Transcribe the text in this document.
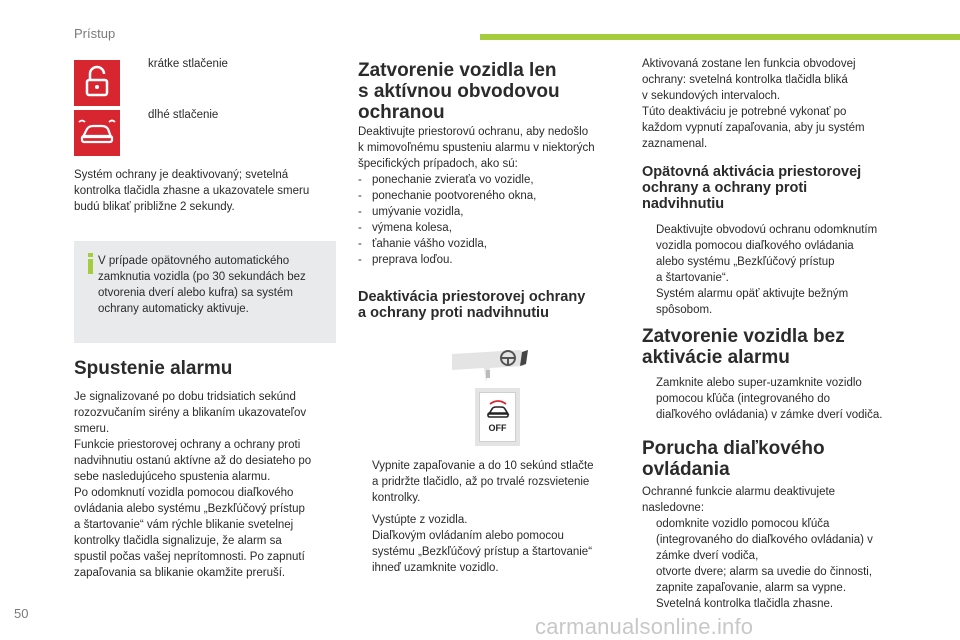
Prístup
krátke stlačenie
dlhé stlačenie
Systém ochrany je deaktivovaný; svetelná
kontrolka tlačidla zhasne a ukazovatele smeru
budú blikať približne 2 sekundy.
V prípade opätovného automatického
zamknutia vozidla (po 30 sekundách bez
otvorenia dverí alebo kufra) sa systém
ochrany automaticky aktivuje.
Spustenie alarmu
Je signalizované po dobu tridsiatich sekúnd
rozozvučaním sirény a blikaním ukazovateľov
smeru.
Funkcie priestorovej ochrany a ochrany proti
nadvihnutiu ostanú aktívne až do desiateho po
sebe nasledujúceho spustenia alarmu.
Po odomknutí vozidla pomocou diaľkového
ovládania alebo systému „Bezkľúčový prístup
a štartovanie“ vám rýchle blikanie svetelnej
kontrolky tlačidla signalizuje, že alarm sa
spustil počas vašej neprítomnosti. Po zapnutí
zapaľovania sa blikanie okamžite preruší.
Zatvorenie vozidla len
s aktívnou obvodovou
ochranou
Deaktivujte priestorovú ochranu, aby nedošlo
k mimovoľnému spusteniu alarmu v niektorých
špecifických prípadoch, ako sú:
- ponechanie zvieraťa vo vozidle,
- ponechanie pootvoreného okna,
- umývanie vozidla,
- výmena kolesa,
- ťahanie vášho vozidla,
- preprava loďou.
Deaktivácia priestorovej ochrany
a ochrany proti nadvihnutiu
OFF
Vypnite zapaľovanie a do 10 sekúnd stlačte
a pridržte tlačidlo, až po trvalé rozsvietenie
kontrolky.
Vystúpte z vozidla.
Diaľkovým ovládaním alebo pomocou
systému „Bezkľúčový prístup a štartovanie“
ihneď uzamknite vozidlo.
Aktivovaná zostane len funkcia obvodovej
ochrany: svetelná kontrolka tlačidla bliká
v sekundových intervaloch.
Túto deaktiváciu je potrebné vykonať po
každom vypnutí zapaľovania, aby ju systém
zaznamenal.
Opätovná aktivácia priestorovej
ochrany a ochrany proti
nadvihnutiu
Deaktivujte obvodovú ochranu odomknutím
vozidla pomocou diaľkového ovládania
alebo systému „Bezkľúčový prístup
a štartovanie“.
Systém alarmu opäť aktivujte bežným
spôsobom.
Zatvorenie vozidla bez
aktivácie alarmu
Zamknite alebo super-uzamknite vozidlo
pomocou kľúča (integrovaného do
diaľkového ovládania) v zámke dverí vodiča.
Porucha diaľkového
ovládania
Ochranné funkcie alarmu deaktivujete
nasledovne:
odomknite vozidlo pomocou kľúča
(integrovaného do diaľkového ovládania) v
zámke dverí vodiča,
otvorte dvere; alarm sa uvedie do činnosti,
zapnite zapaľovanie, alarm sa vypne.
Svetelná kontrolka tlačidla zhasne.
50
carmanualsonline.info
